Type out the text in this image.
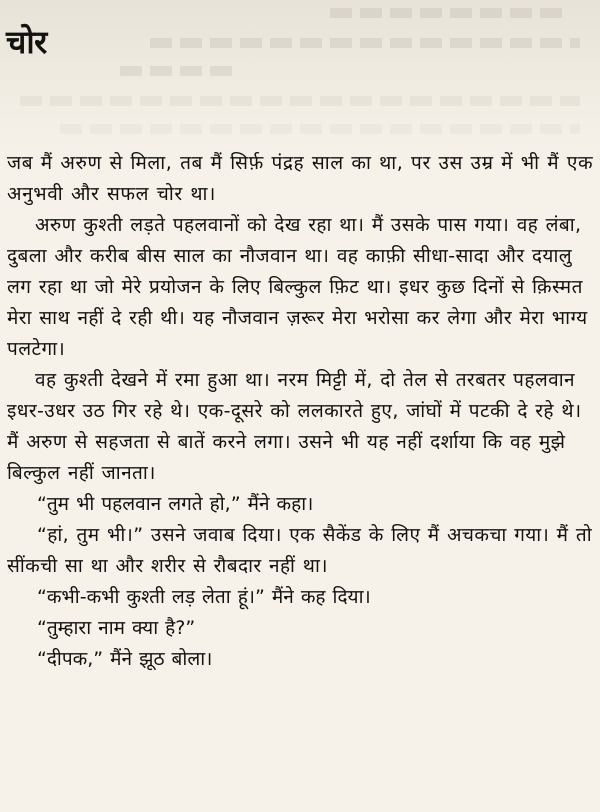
चोर

जब मैं अरुण से मिला, तब मैं सिर्फ़ पंद्रह साल का था, पर उस उम्र में भी मैं एक अनुभवी और सफल चोर था।

अरुण कुश्ती लड़ते पहलवानों को देख रहा था। मैं उसके पास गया। वह लंबा, दुबला और करीब बीस साल का नौजवान था। वह काफ़ी सीधा-सादा और दयालु लग रहा था जो मेरे प्रयोजन के लिए बिल्कुल फ़िट था। इधर कुछ दिनों से क़िस्मत मेरा साथ नहीं दे रही थी। यह नौजवान ज़रूर मेरा भरोसा कर लेगा और मेरा भाग्य पलटेगा।

वह कुश्ती देखने में रमा हुआ था। नरम मिट्टी में, दो तेल से तरबतर पहलवान इधर-उधर उठ गिर रहे थे। एक-दूसरे को ललकारते हुए, जांघों में पटकी दे रहे थे। मैं अरुण से सहजता से बातें करने लगा। उसने भी यह नहीं दर्शाया कि वह मुझे बिल्कुल नहीं जानता।

“तुम भी पहलवान लगते हो,” मैंने कहा।

“हां, तुम भी।” उसने जवाब दिया। एक सैकेंड के लिए मैं अचकचा गया। मैं तो सींकची सा था और शरीर से रौबदार नहीं था।

“कभी-कभी कुश्ती लड़ लेता हूं।” मैंने कह दिया।

“तुम्हारा नाम क्या है?”

“दीपक,” मैंने झूठ बोला।
